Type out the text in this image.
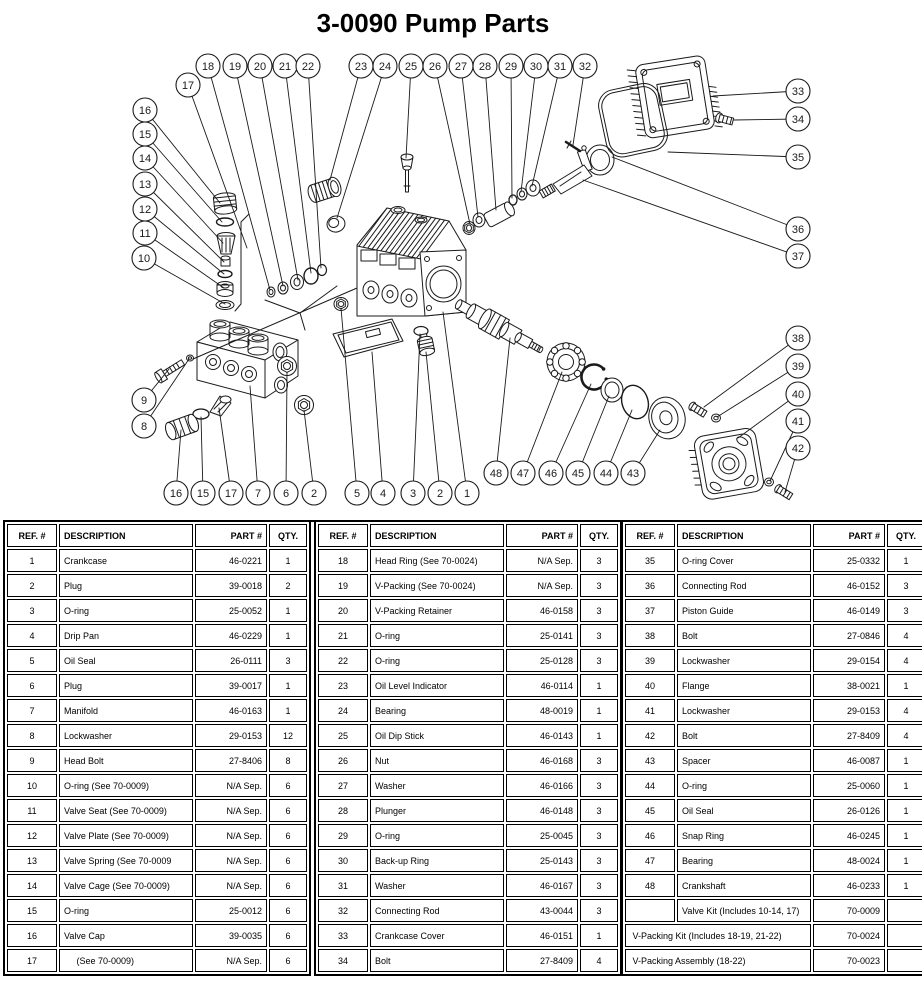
3-0090 Pump Parts
18 19 20 21 22	23 24 25 26 27 28 29 30 31 32
17
16
15
14
13
12
11
10
9
8
16 15 17 7 6 2	5 4 3 2 1
48 47 46 45 44 43
33
34
35
36
37
38
39
40
41
42
REF. #	DESCRIPTION	PART #	QTY.
1	Crankcase	46-0221	1
2	Plug	39-0018	2
3	O-ring	25-0052	1
4	Drip Pan	46-0229	1
5	Oil Seal	26-0111	3
6	Plug	39-0017	1
7	Manifold	46-0163	1
8	Lockwasher	29-0153	12
9	Head Bolt	27-8406	8
10	O-ring (See 70-0009)	N/A Sep.	6
11	Valve Seat (See 70-0009)	N/A Sep.	6
12	Valve Plate (See 70-0009)	N/A Sep.	6
13	Valve Spring (See 70-0009	N/A Sep.	6
14	Valve Cage (See 70-0009)	N/A Sep.	6
15	O-ring	25-0012	6
16	Valve Cap	39-0035	6
17	(See 70-0009)	N/A Sep.	6
REF. #	DESCRIPTION	PART #	QTY.
18	Head Ring (See 70-0024)	N/A Sep.	3
19	V-Packing (See 70-0024)	N/A Sep.	3
20	V-Packing Retainer	46-0158	3
21	O-ring	25-0141	3
22	O-ring	25-0128	3
23	Oil Level Indicator	46-0114	1
24	Bearing	48-0019	1
25	Oil Dip Stick	46-0143	1
26	Nut	46-0168	3
27	Washer	46-0166	3
28	Plunger	46-0148	3
29	O-ring	25-0045	3
30	Back-up Ring	25-0143	3
31	Washer	46-0167	3
32	Connecting Rod	43-0044	3
33	Crankcase Cover	46-0151	1
34	Bolt	27-8409	4
REF. #	DESCRIPTION	PART #	QTY.
35	O-ring Cover	25-0332	1
36	Connecting Rod	46-0152	3
37	Piston Guide	46-0149	3
38	Bolt	27-0846	4
39	Lockwasher	29-0154	4
40	Flange	38-0021	1
41	Lockwasher	29-0153	4
42	Bolt	27-8409	4
43	Spacer	46-0087	1
44	O-ring	25-0060	1
45	Oil Seal	26-0126	1
46	Snap Ring	46-0245	1
47	Bearing	48-0024	1
48	Crankshaft	46-0233	1
	Valve Kit (Includes 10-14, 17)	70-0009	
V-Packing Kit (Includes 18-19, 21-22)		70-0024	
V-Packing Assembly (18-22)		70-0023	
